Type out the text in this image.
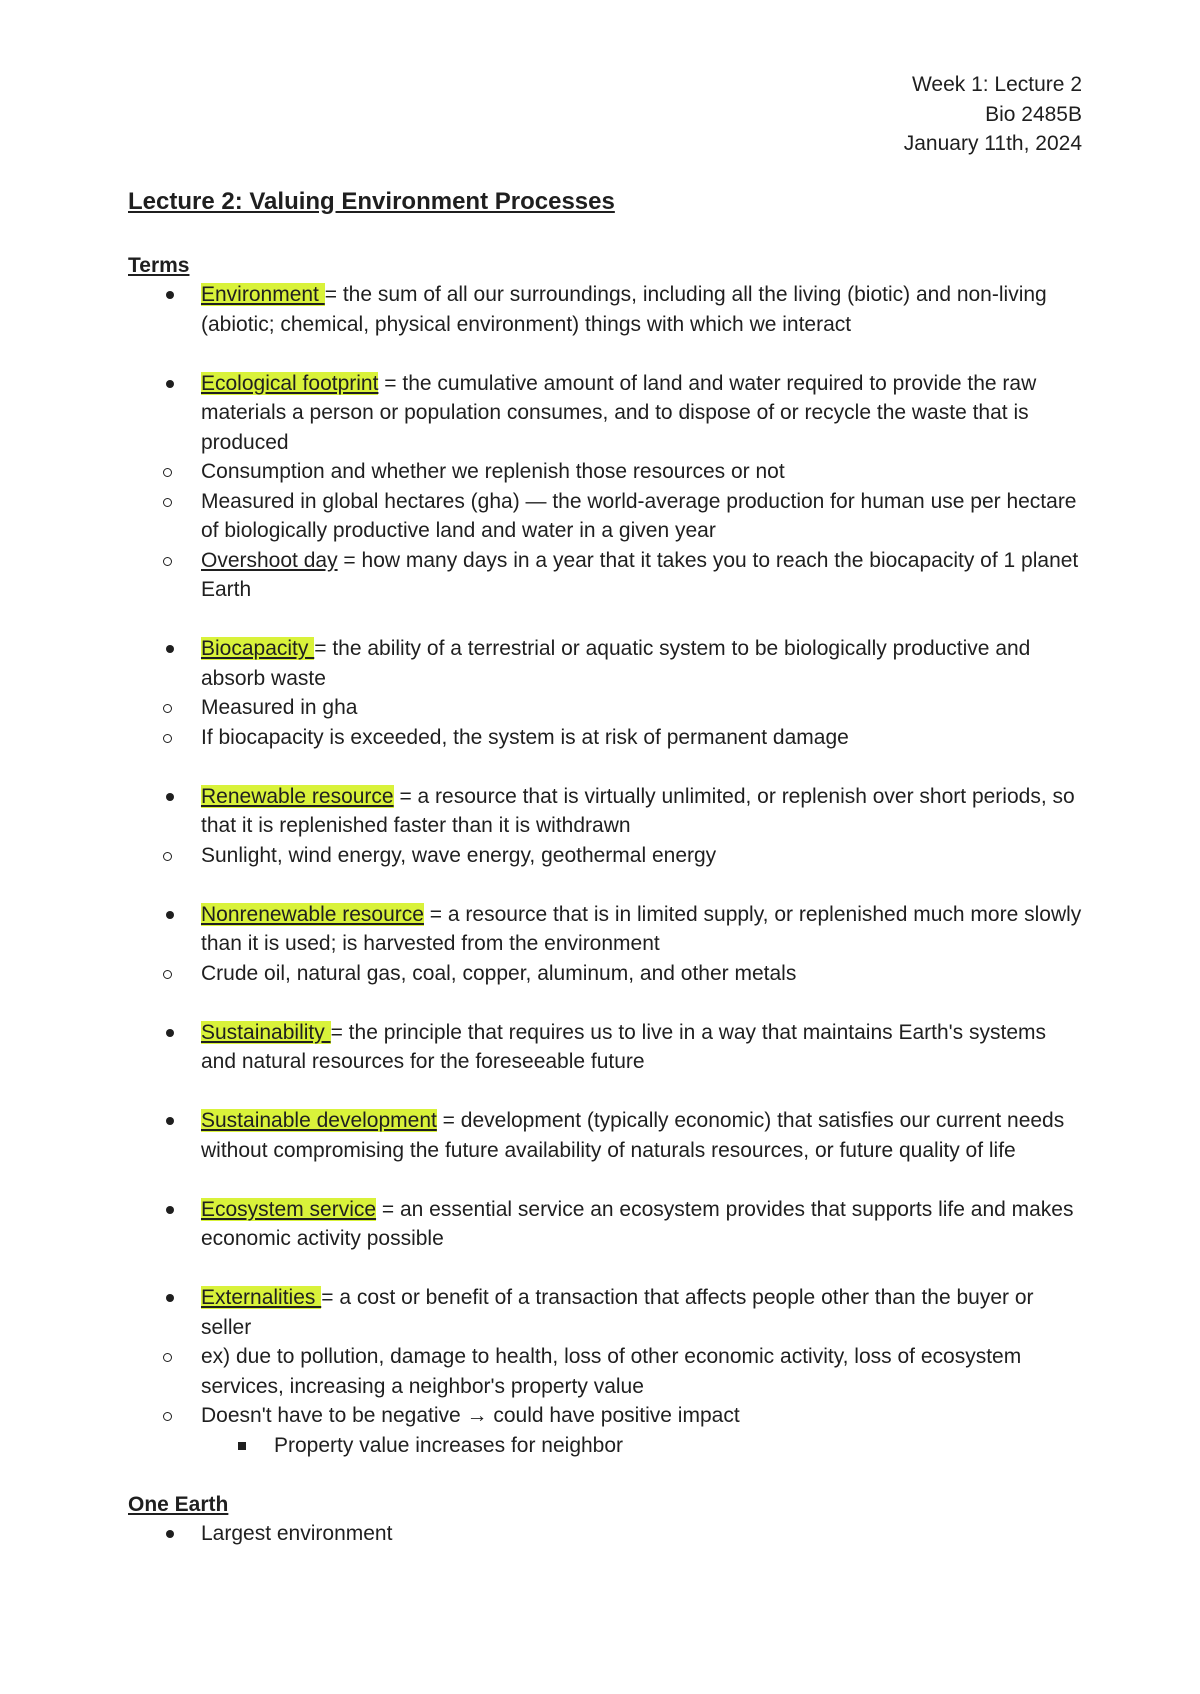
Week 1: Lecture 2
Bio 2485B
January 11th, 2024
Lecture 2: Valuing Environment Processes
Terms
Environment = the sum of all our surroundings, including all the living (biotic) and non-living (abiotic; chemical, physical environment) things with which we interact
Ecological footprint = the cumulative amount of land and water required to provide the raw materials a person or population consumes, and to dispose of or recycle the waste that is produced
Consumption and whether we replenish those resources or not
Measured in global hectares (gha) — the world-average production for human use per hectare of biologically productive land and water in a given year
Overshoot day = how many days in a year that it takes you to reach the biocapacity of 1 planet Earth
Biocapacity = the ability of a terrestrial or aquatic system to be biologically productive and absorb waste
Measured in gha
If biocapacity is exceeded, the system is at risk of permanent damage
Renewable resource = a resource that is virtually unlimited, or replenish over short periods, so that it is replenished faster than it is withdrawn
Sunlight, wind energy, wave energy, geothermal energy
Nonrenewable resource = a resource that is in limited supply, or replenished much more slowly than it is used; is harvested from the environment
Crude oil, natural gas, coal, copper, aluminum, and other metals
Sustainability = the principle that requires us to live in a way that maintains Earth's systems and natural resources for the foreseeable future
Sustainable development = development (typically economic) that satisfies our current needs without compromising the future availability of naturals resources, or future quality of life
Ecosystem service = an essential service an ecosystem provides that supports life and makes economic activity possible
Externalities = a cost or benefit of a transaction that affects people other than the buyer or seller
ex) due to pollution, damage to health, loss of other economic activity, loss of ecosystem services, increasing a neighbor's property value
Doesn't have to be negative → could have positive impact
Property value increases for neighbor
One Earth
Largest environment
